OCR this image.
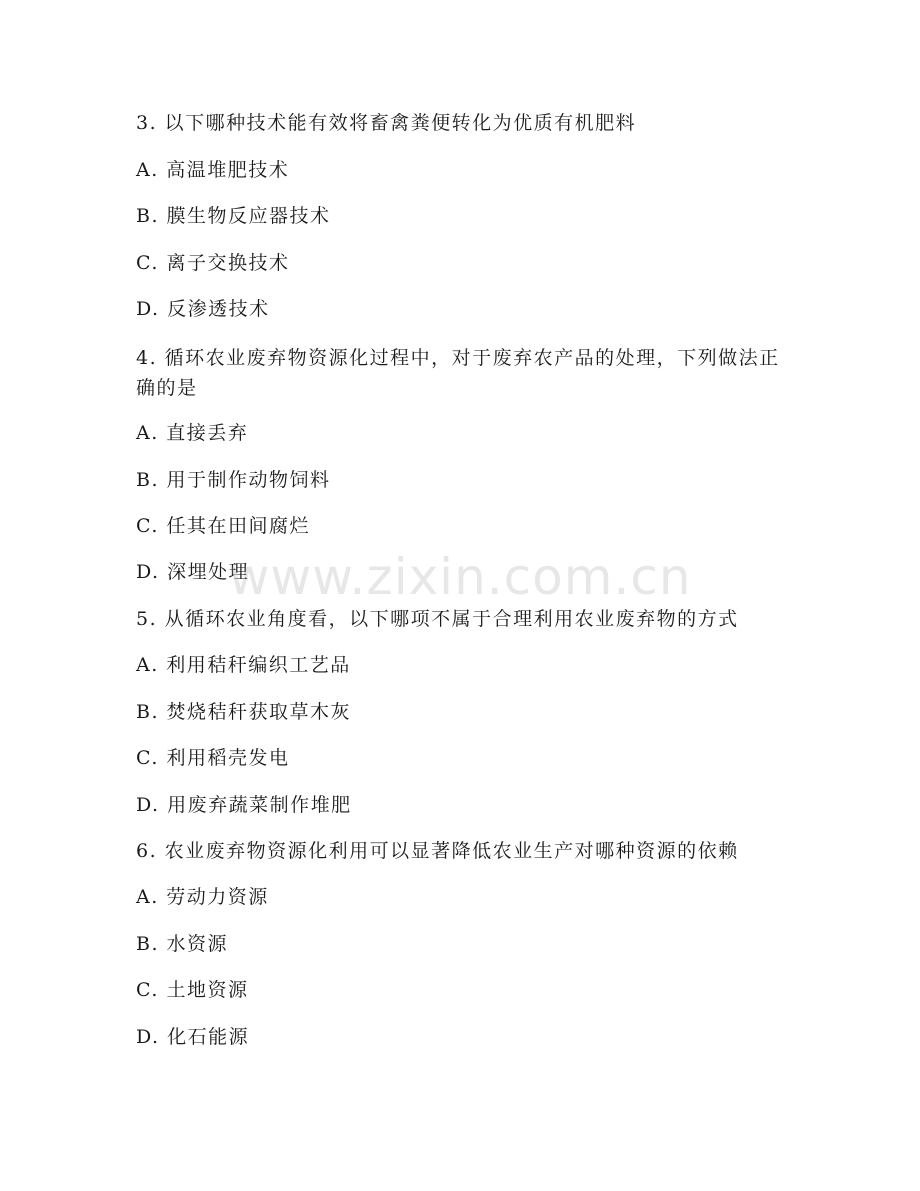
3. 以下哪种技术能有效将畜禽粪便转化为优质有机肥料
A. 高温堆肥技术
B. 膜生物反应器技术
C. 离子交换技术
D. 反渗透技术
4. 循环农业废弃物资源化过程中，对于废弃农产品的处理，下列做法正确的是
A. 直接丢弃
B. 用于制作动物饲料
C. 任其在田间腐烂
D. 深埋处理
5. 从循环农业角度看，以下哪项不属于合理利用农业废弃物的方式
A. 利用秸秆编织工艺品
B. 焚烧秸秆获取草木灰
C. 利用稻壳发电
D. 用废弃蔬菜制作堆肥
6. 农业废弃物资源化利用可以显著降低农业生产对哪种资源的依赖
A. 劳动力资源
B. 水资源
C. 土地资源
D. 化石能源
www.zixin.com.cn
